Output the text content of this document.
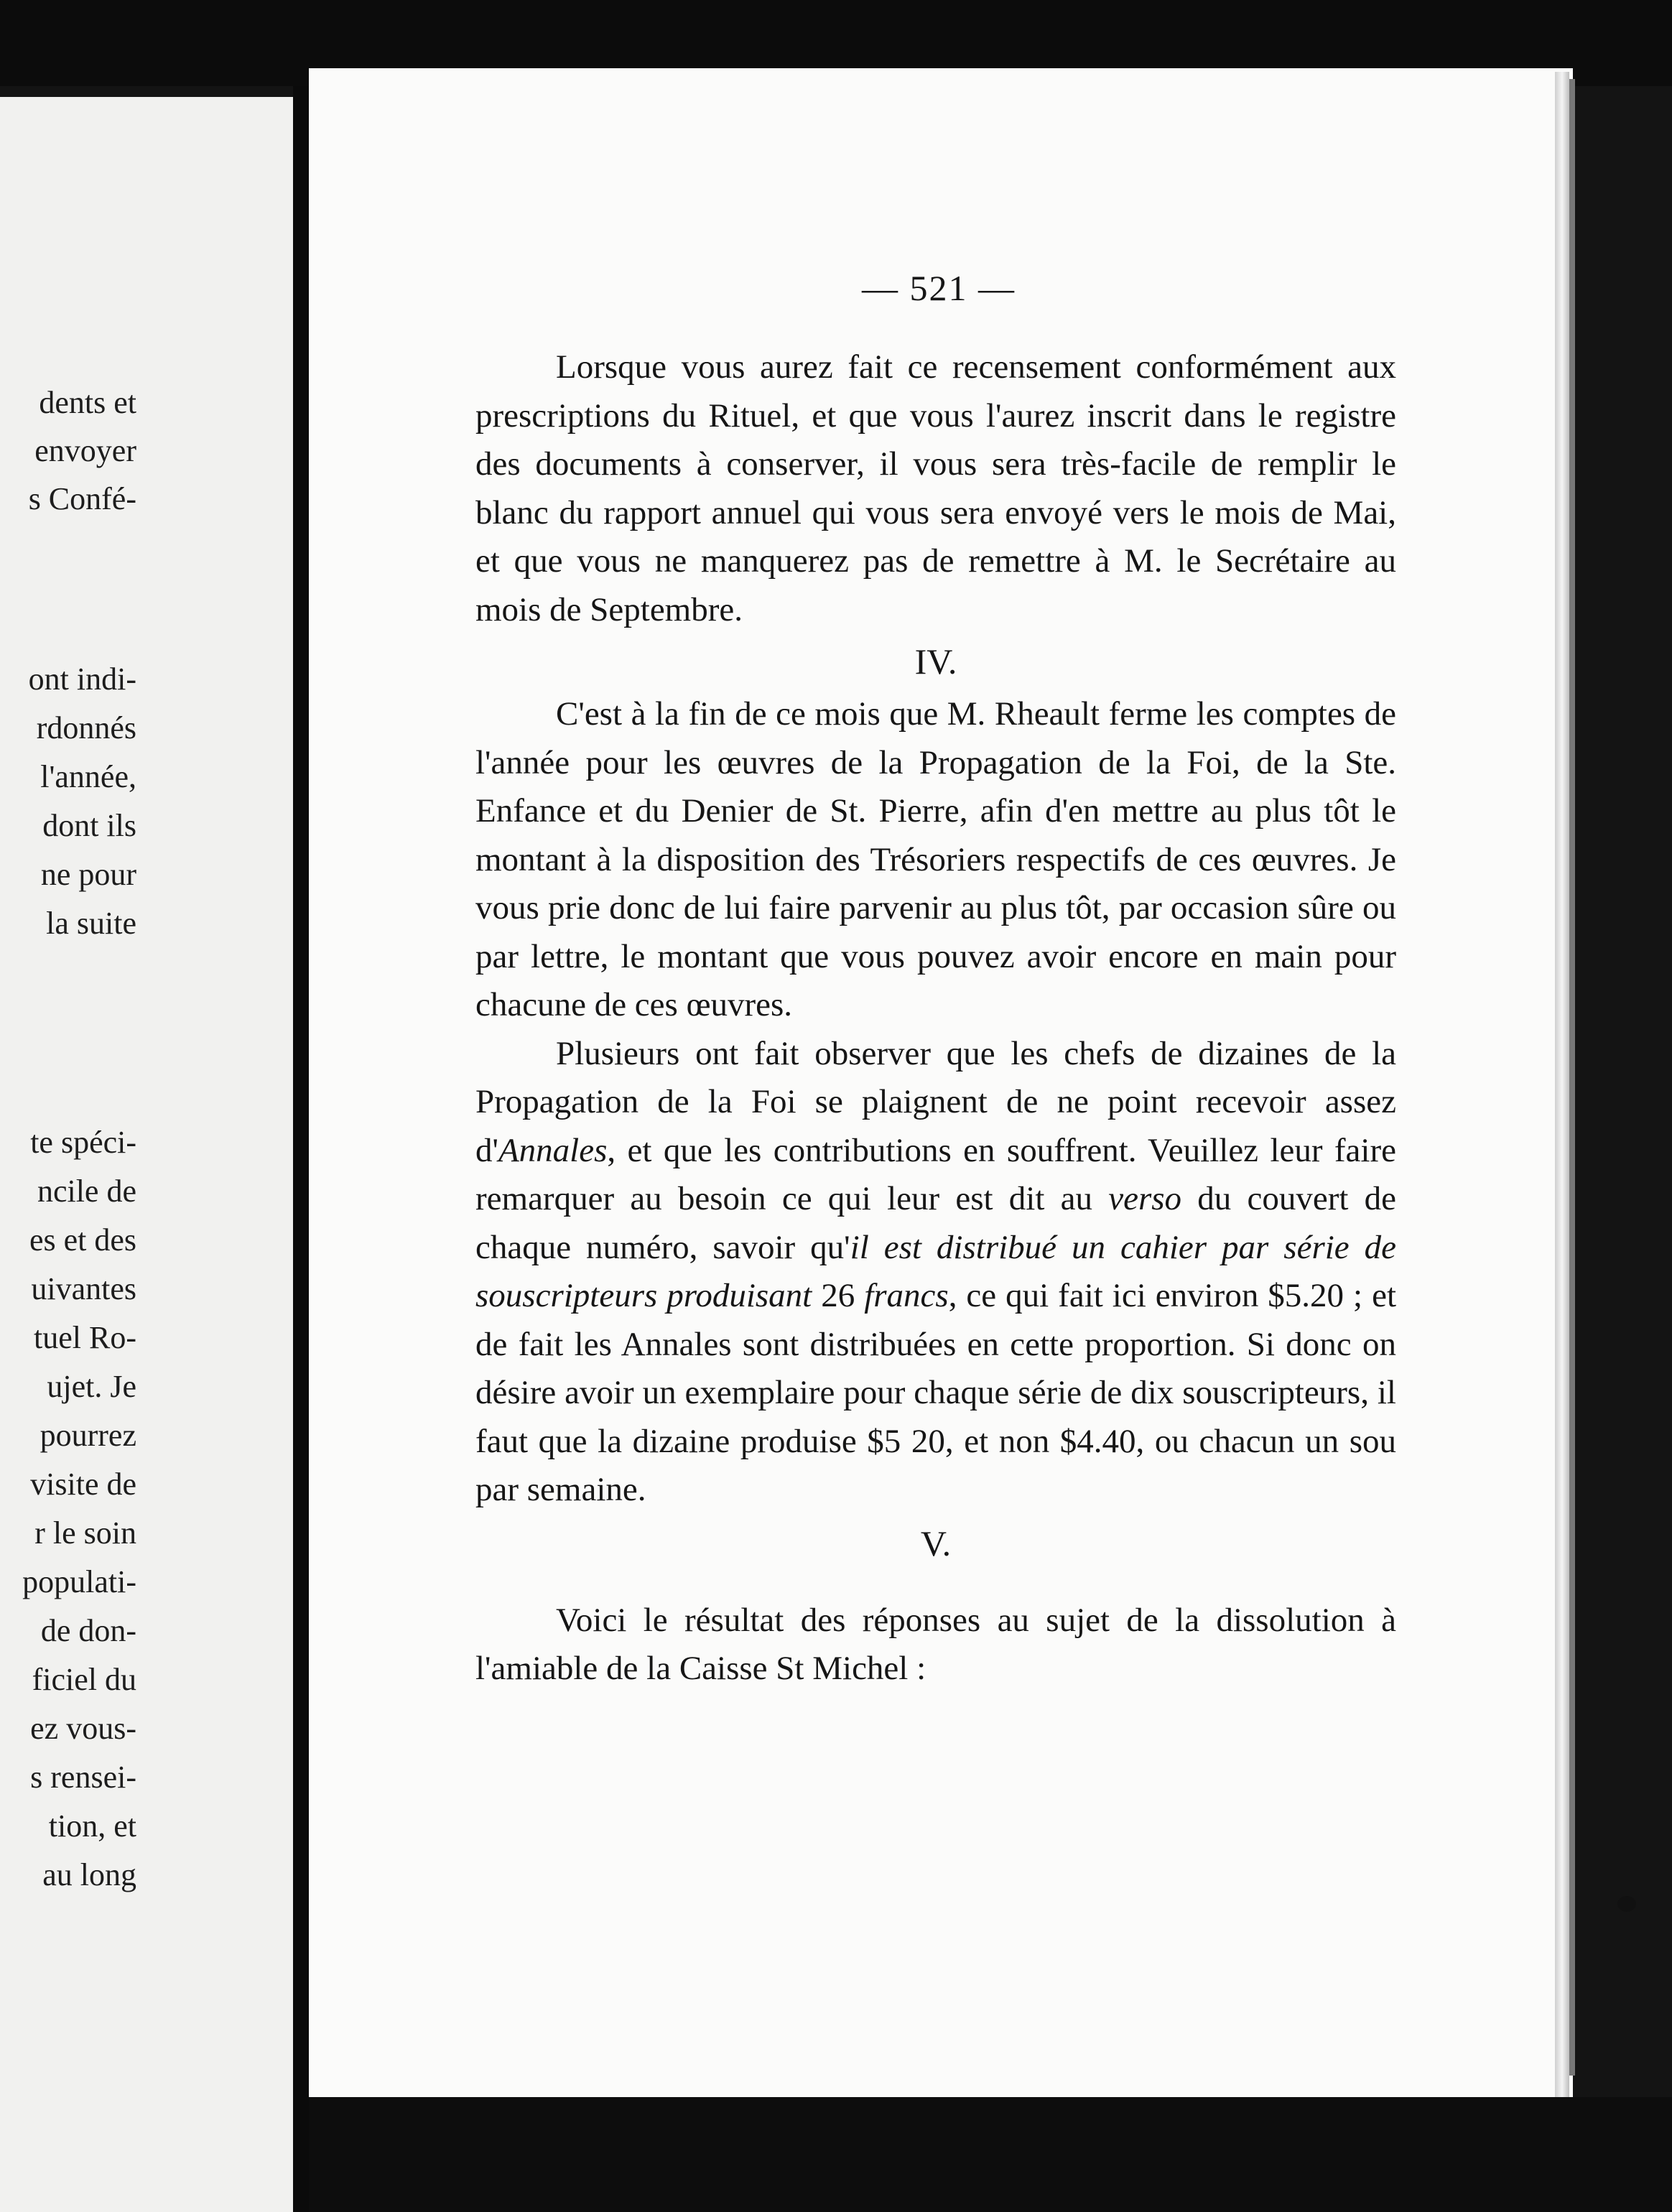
dents et
envoyer
s Confé-
ont indi-
rdonnés
l'année,
dont ils
ne pour
la suite
te spéci-
ncile de
es et des
uivantes
tuel Ro-
ujet. Je
pourrez
visite de
r le soin
populati-
de don-
ficiel du
ez vous-
s rensei-
tion, et
au long
— 521 —

Lorsque vous aurez fait ce recensement conformément aux prescriptions du Rituel, et que vous l'aurez inscrit dans le registre des documents à conserver, il vous sera très-facile de remplir le blanc du rapport annuel qui vous sera envoyé vers le mois de Mai, et que vous ne manquerez pas de remettre à M. le Secrétaire au mois de Septembre.

IV.

C'est à la fin de ce mois que M. Rheault ferme les comptes de l'année pour les œuvres de la Propagation de la Foi, de la Ste. Enfance et du Denier de St. Pierre, afin d'en mettre au plus tôt le montant à la disposition des Trésoriers respectifs de ces œuvres. Je vous prie donc de lui faire parvenir au plus tôt, par occasion sûre ou par lettre, le montant que vous pouvez avoir encore en main pour chacune de ces œuvres.

Plusieurs ont fait observer que les chefs de dizaines de la Propagation de la Foi se plaignent de ne point recevoir assez d'Annales, et que les contributions en souffrent. Veuillez leur faire remarquer au besoin ce qui leur est dit au verso du couvert de chaque numéro, savoir qu'il est distribué un cahier par série de souscripteurs produisant 26 francs, ce qui fait ici environ $5.20 ; et de fait les Annales sont distribuées en cette proportion. Si donc on désire avoir un exemplaire pour chaque série de dix souscripteurs, il faut que la dizaine produise $5 20, et non $4.40, ou chacun un sou par semaine.

V.

Voici le résultat des réponses au sujet de la dissolution à l'amiable de la Caisse St Michel :
